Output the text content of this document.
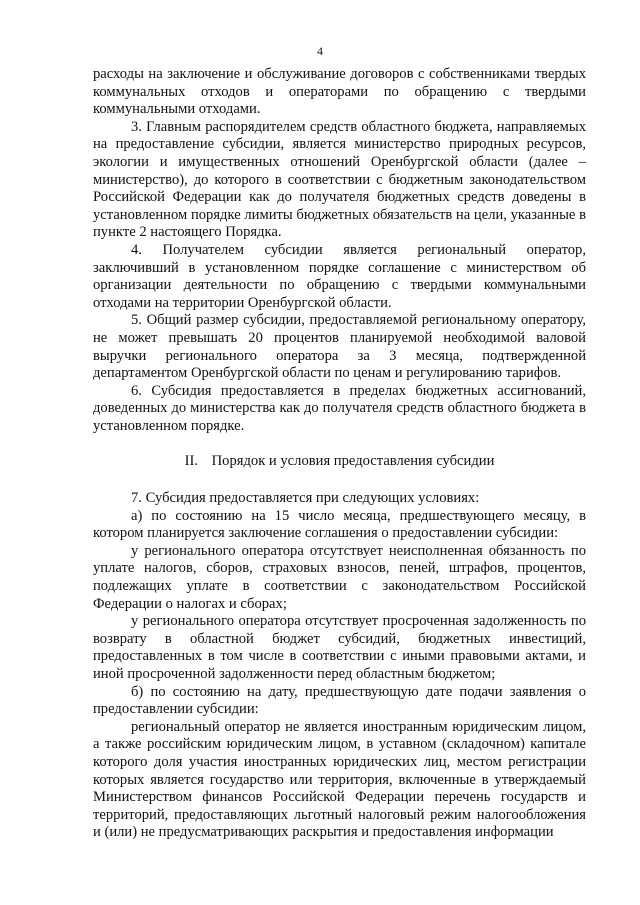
4

расходы на заключение и обслуживание договоров с собственниками твердых коммунальных отходов и операторами по обращению с твердыми коммунальными отходами.

3. Главным распорядителем средств областного бюджета, направляемых на предоставление субсидии, является министерство природных ресурсов, экологии и имущественных отношений Оренбургской области (далее – министерство), до которого в соответствии с бюджетным законодательством Российской Федерации как до получателя бюджетных средств доведены в установленном порядке лимиты бюджетных обязательств на цели, указанные в пункте 2 настоящего Порядка.

4. Получателем субсидии является региональный оператор, заключивший в установленном порядке соглашение с министерством об организации деятельности по обращению с твердыми коммунальными отходами на территории Оренбургской области.

5. Общий размер субсидии, предоставляемой региональному оператору, не может превышать 20 процентов планируемой необходимой валовой выручки регионального оператора за 3 месяца, подтвержденной департаментом Оренбургской области по ценам и регулированию тарифов.

6. Субсидия предоставляется в пределах бюджетных ассигнований, доведенных до министерства как до получателя средств областного бюджета в установленном порядке.

II. Порядок и условия предоставления субсидии

7. Субсидия предоставляется при следующих условиях:

а) по состоянию на 15 число месяца, предшествующего месяцу, в котором планируется заключение соглашения о предоставлении субсидии:

у регионального оператора отсутствует неисполненная обязанность по уплате налогов, сборов, страховых взносов, пеней, штрафов, процентов, подлежащих уплате в соответствии с законодательством Российской Федерации о налогах и сборах;

у регионального оператора отсутствует просроченная задолженность по возврату в областной бюджет субсидий, бюджетных инвестиций, предоставленных в том числе в соответствии с иными правовыми актами, и иной просроченной задолженности перед областным бюджетом;

б) по состоянию на дату, предшествующую дате подачи заявления о предоставлении субсидии:

региональный оператор не является иностранным юридическим лицом, а также российским юридическим лицом, в уставном (складочном) капитале которого доля участия иностранных юридических лиц, местом регистрации которых является государство или территория, включенные в утверждаемый Министерством финансов Российской Федерации перечень государств и территорий, предоставляющих льготный налоговый режим налогообложения и (или) не предусматривающих раскрытия и предоставления информации
